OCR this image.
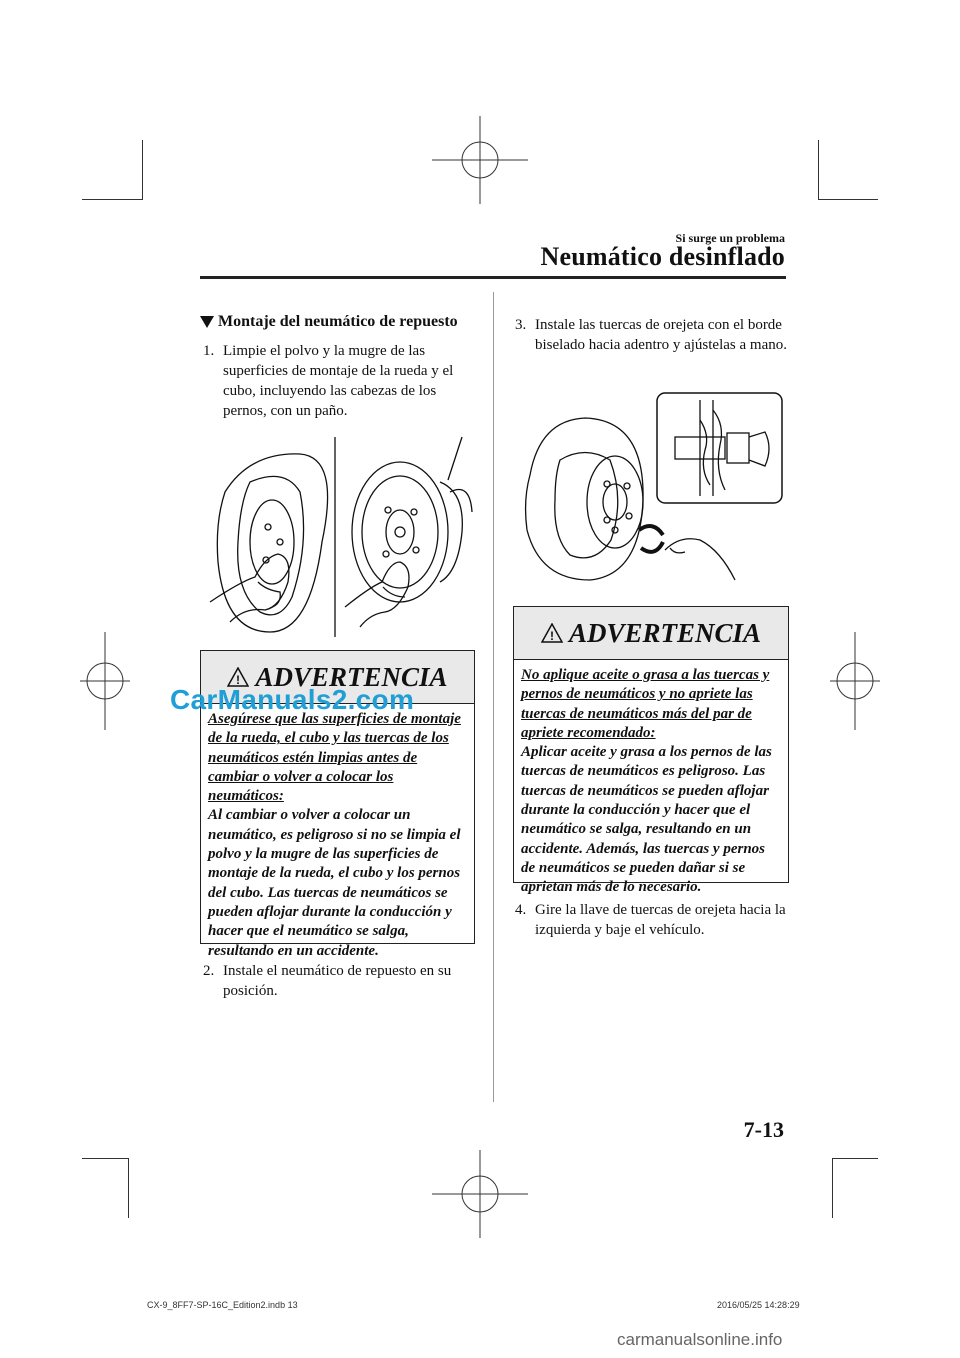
Si surge un problema
Neumático desinflado
Montaje del neumático de repuesto
1. Limpie el polvo y la mugre de las superficies de montaje de la rueda y el cubo, incluyendo las cabezas de los pernos, con un paño.
! ADVERTENCIA
Asegúrese que las superficies de montaje de la rueda, el cubo y las tuercas de los neumáticos estén limpias antes de cambiar o volver a colocar los neumáticos:
Al cambiar o volver a colocar un neumático, es peligroso si no se limpia el polvo y la mugre de las superficies de montaje de la rueda, el cubo y los pernos del cubo. Las tuercas de neumáticos se pueden aflojar durante la conducción y hacer que el neumático se salga, resultando en un accidente.
2. Instale el neumático de repuesto en su posición.
3. Instale las tuercas de orejeta con el borde biselado hacia adentro y ajústelas a mano.
! ADVERTENCIA
No aplique aceite o grasa a las tuercas y pernos de neumáticos y no apriete las tuercas de neumáticos más del par de apriete recomendado:
Aplicar aceite y grasa a los pernos de las tuercas de neumáticos es peligroso. Las tuercas de neumáticos se pueden aflojar durante la conducción y hacer que el neumático se salga, resultando en un accidente. Además, las tuercas y pernos de neumáticos se pueden dañar si se aprietan más de lo necesario.
4. Gire la llave de tuercas de orejeta hacia la izquierda y baje el vehículo.
7-13
CX-9_8FF7-SP-16C_Edition2.indb 13	2016/05/25 14:28:29
CarManuals2.com
carmanualsonline.info
